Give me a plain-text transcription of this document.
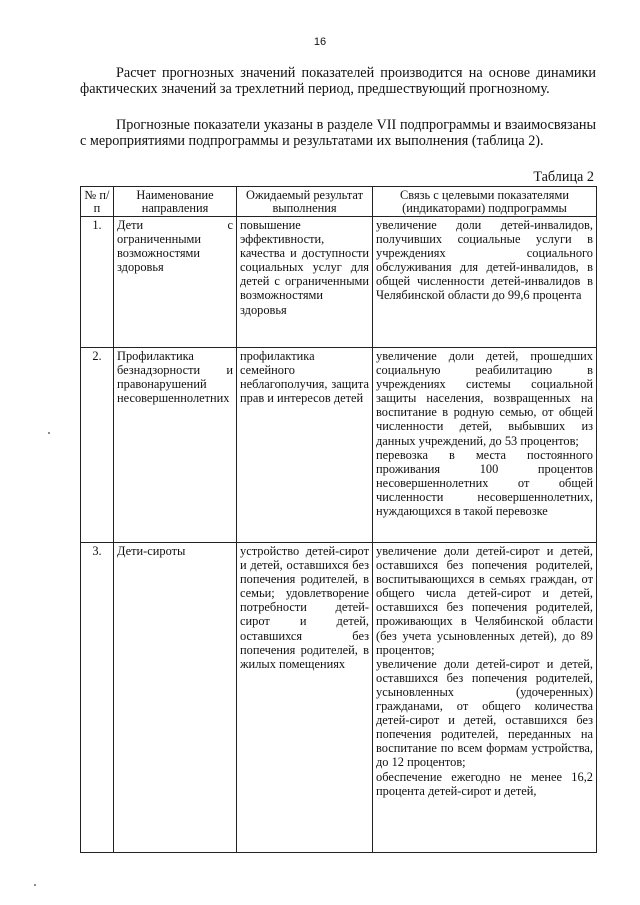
16

Расчет прогнозных значений показателей производится на основе динамики фактических значений за трехлетний период, предшествующий прогнозному.

Прогнозные показатели указаны в разделе VII подпрограммы и взаимосвязаны с мероприятиями подпрограммы и результатами их выполнения (таблица 2).

Таблица 2
№ п/п	Наименование направления	Ожидаемый результат выполнения	Связь с целевыми показателями (индикаторами) подпрограммы
1.	Дети с ограниченными возможностями здоровья	повышение эффективности, качества и доступности социальных услуг для детей с ограниченными возможностями здоровья	увеличение доли детей-инвалидов, получивших социальные услуги в учреждениях социального обслуживания для детей-инвалидов, в общей численности детей-инвалидов в Челябинской области до 99,6 процента

2.	Профилактика безнадзорности и правонарушений несовершеннолетних	профилактика семейного неблагополучия, защита прав и интересов детей	увеличение доли детей, прошедших социальную реабилитацию в учреждениях системы социальной защиты населения, возвращенных на воспитание в родную семью, от общей численности детей, выбывших из данных учреждений, до 53 процентов;
перевозка в места постоянного проживания 100 процентов несовершеннолетних от общей численности несовершеннолетних, нуждающихся в такой перевозке

3.	Дети-сироты	устройство детей-сирот и детей, оставшихся без попечения родителей, в семьи; удовлетворение потребности детей-сирот и детей, оставшихся без попечения родителей, в жилых помещениях	увеличение доли детей-сирот и детей, оставшихся без попечения родителей, воспитывающихся в семьях граждан, от общего числа детей-сирот и детей, оставшихся без попечения родителей, проживающих в Челябинской области (без учета усыновленных детей), до 89 процентов;
увеличение доли детей-сирот и детей, оставшихся без попечения родителей, усыновленных (удочеренных) гражданами, от общего количества детей-сирот и детей, оставшихся без попечения родителей, переданных на воспитание по всем формам устройства, до 12 процентов;
обеспечение ежегодно не менее 16,2 процента детей-сирот и детей,
